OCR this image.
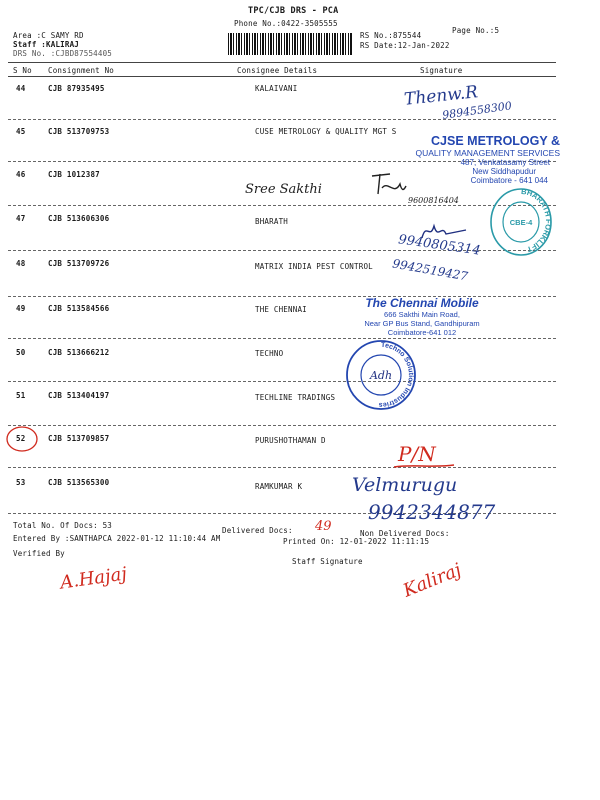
TPC/CJB DRS - PCA
Phone No.:0422-3505555
Area :C SAMY RD
Staff :KALIRAJ
DRS No. :CJBD87554405
RS No.:875544
RS Date:12-Jan-2022
Page No.:5
S No Consignment No	Consignee Details	Signature
44	CJB 87935495	KALAIVANI
45	CJB 513709753	CUSE METROLOGY & QUALITY MGT S
46	CJB 1012387
47	CJB 513606306	BHARATH
48	CJB 513709726	MATRIX INDIA PEST CONTROL
49	CJB 513584566	THE CHENNAI
50	CJB 513666212	TECHNO
51	CJB 513404197	TECHLINE TRADINGS
52	CJB 513709857	PURUSHOTHAMAN D
53	CJB 513565300	RAMKUMAR K
Total No. Of Docs: 53
Delivered Docs:	Non Delivered Docs:
Entered By :SANTHAPCA 2022-01-12 11:10:44 AM	Printed On: 12-01-2022 11:11:15
Verified By
Staff Signature
Thenw.R
9894558300
Sree Sakthi
9600816404
9940805314
9942519427
P/N
Velmurugu
9942344877
49
A.Hajaj	Kaliraj
CJSE METROLOGY &
QUALITY MANAGEMENT SERVICES
487, Venkatasamy Street
New Siddhapudur
Coimbatore - 641 044
BHARATH FORKLIFT
CBE-4
The Chennai Mobile
666 Sakthi Main Road,
Near GP Bus Stand, Gandhipuram
Coimbatore-641 012
Techno Solution Industries
Adh
